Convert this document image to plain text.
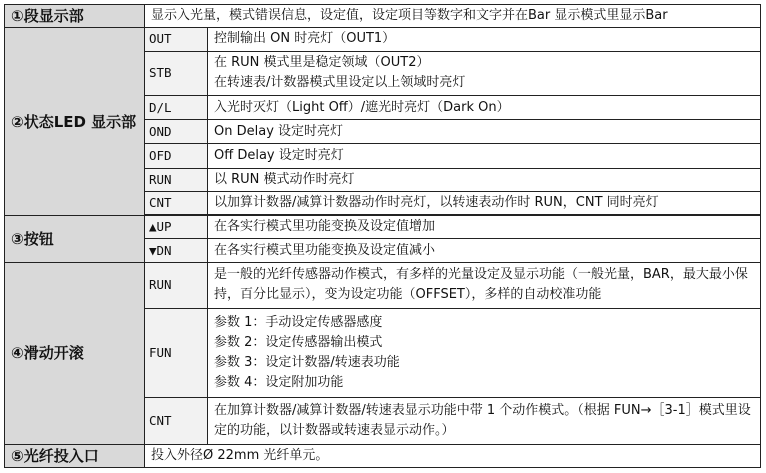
①段显示部	显示入光量，模式错误信息，设定值，设定项目等数字和文字并在Bar 显示模式里显示Bar	

②状态LED 显示部	OUT	控制输出 ON 时亮灯（OUT1）

	STB	在 RUN 模式里是稳定领域（OUT2）
在转速表/计数器模式里设定以上领域时亮灯

	D/L	入光时灭灯（Light Off）/遮光时亮灯（Dark On）

	OND	On Delay 设定时亮灯

	OFD	Off Delay 设定时亮灯

	RUN	以 RUN 模式动作时亮灯

	CNT	以加算计数器/减算计数器动作时亮灯，以转速表动作时 RUN，CNT 同时亮灯

③按钮	▲UP	在各实行模式里功能变换及设定值增加

	▼DN	在各实行模式里功能变换及设定值减小

④滑动开滚	RUN	是一般的光纤传感器动作模式，有多样的光量设定及显示功能（一般光量，BAR，最大最小保持，百分比显示），变为设定功能（OFFSET），多样的自动校准功能

	FUN	参数 1：手动设定传感器感度
参数 2：设定传感器输出模式
参数 3：设定计数器/转速表功能
参数 4：设定附加功能

	CNT	在加算计数器/减算计数器/转速表显示功能中带 1 个动作模式。（根据 FUN→［3-1］模式里设定的功能，以计数器或转速表显示动作。）

⑤光纤投入口	投入外径Ø 22mm 光纤单元。	
